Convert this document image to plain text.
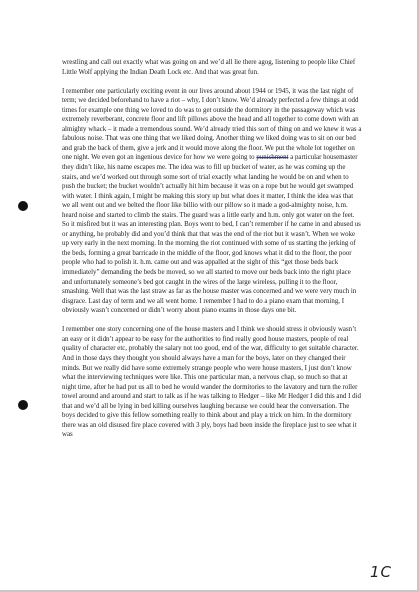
wrestling and call out exactly what was going on and we’d all lie there agog, listening to people like Chief Little Wolf applying the Indian Death Lock etc. And that was great fun.

I remember one particularly exciting event in our lives around about 1944 or 1945, it was the last night of term; we decided beforehand to have a riot – why, I don’t know. We’d already perfected a few things at odd times for example one thing we loved to do was to get outside the dormitory in the passageway which was extremely reverberant, concrete floor and lift pillows above the head and all together to come down with an almighty whack – it made a tremendous sound. We’d already tried this sort of thing on and we knew it was a fabulous noise. That was one thing that we liked doing. Another thing we liked doing was to sit on our bed and grab the back of them, give a jerk and it would move along the floor. We put the whole lot together on one night. We even got an ingenious device for how we were going to punishment a particular housemaster they didn’t like, his name escapes me. The idea was to fill up bucket of water, as he was coming up the stairs, and we’d worked out through some sort of trial exactly what landing he would be on and when to push the bucket; the bucket wouldn’t actually hit him because it was on a rope but he would get swamped with water. I think again, I might be making this story up but what does it matter, I think the idea was that we all went out and we belted the floor like billio with our pillow so it made a god-almighty noise, h.m. heard noise and started to climb the stairs. The guard was a little early and h.m. only got water on the feet. So it misfired but it was an interesting plan. Boys went to bed, I can’t remember if he came in and abused us or anything, he probably did and you’d think that that was the end of the riot but it wasn’t. When we woke up very early in the next morning. In the morning the riot continued with some of us starting the jerking of the beds, forming a great barricade in the middle of the floor, god knows what it did to the floor, the poor people who had to polish it. h.m. came out and was appalled at the sight of this “get those beds back immediately” demanding the beds be moved, so we all started to move our beds back into the right place and unfortunately someone’s bed got caught in the wires of the large wireless, pulling it to the floor, smashing. Well that was the last straw as far as the house master was concerned and we were very much in disgrace. Last day of term and we all went home. I remember I had to do a piano exam that morning, I obviously wasn’t concerned or didn’t worry about piano exams in those days one bit.

I remember one story concerning one of the house masters and I think we should stress it obviously wasn’t an easy or it didn’t appear to be easy for the authorities to find really good house masters, people of real quality of character etc, probably the salary not too good, end of the war, difficulty to get suitable character. And in those days they thought you should always have a man for the boys, later on they changed their minds. But we really did have some extremely strange people who were house masters, I just don’t know what the interviewing techniques were like. This one particular man, a nervous chap, so much so that at night time, after he had put us all to bed he would wander the dormitories to the lavatory and turn the roller towel around and around and start to talk as if he was talking to Hedger – like Mr Hedger I did this and I did that and we’d all be lying in bed killing ourselves laughing because we could hear the conversation. The boys decided to give this fellow something really to think about and play a trick on him. In the dormitory there was an old disused fire place covered with 3 ply, boys had been inside the fireplace just to see what it was

1C
